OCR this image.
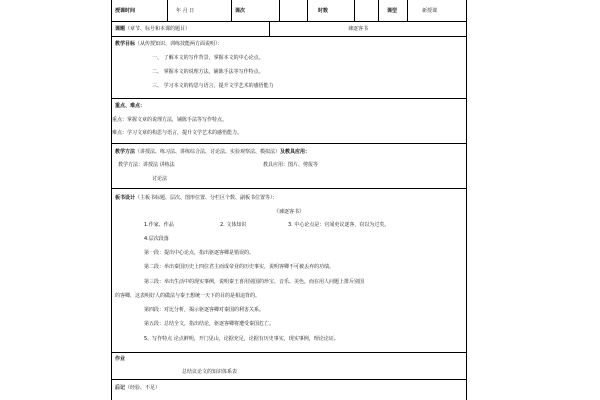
授课时间	年 月 日	课次	时数	课型	新授课
课题 （章节、标号和本课的题目）	谏逐客书
教学目标（从传授知识、训练技能两方面说明）：
一、 了解本文的写作背景，掌握本文的中心论点。
二、 掌握本文的说理方法，铺陈手法等写作特点。
三、 学习本文的构思与语言，提升文学艺术的感悟能力
重点、难点：
重点：掌握文章的说理方法，铺陈手法等写作特点。
难点：学习文章的构思与语言，提升文学艺术的感悟能力。
教学方法（讲授法、练习法、讲练综合法、讨论法、实验观察法、模拟法）及教具应用：
教学方法：讲授法 讲练法	教具应用：图片、剪报等
讨论法
板书设计（主板书标题、层次、图形位置、分栏区个数、副板书位置等）：
《谏逐客书》
1.作家、作品	2. 文体知识	3. 中心论点是：官闻吏议逐客，窃以为过矣。
4.层次段落
第一段：提出中心论点，指出驱逐客卿是错误的。
第二段：举出秦国历史上四位君主而成帝业的历史事实，说明客卿不可被丢弃的功绩。
第三段：举出生活中的现实事例，说明秦王喜用别国的珍宝、音乐、美色，而在用人问题上排斥别国
的客卿，这表明好人的做法与秦王想统一天下的目的是相违背的。
第四段：对比分析，揭示驱逐客卿对秦国的利害关系。
第五段：总结全文，指出结论，驱逐客卿将遭受秦国危亡。
5、写作特点 论点鲜明，开门见山，论据充足，论据有历史事实，现实事例，理论论证。
作业
总结议论文的知识体系表
后记（经验、不足）
